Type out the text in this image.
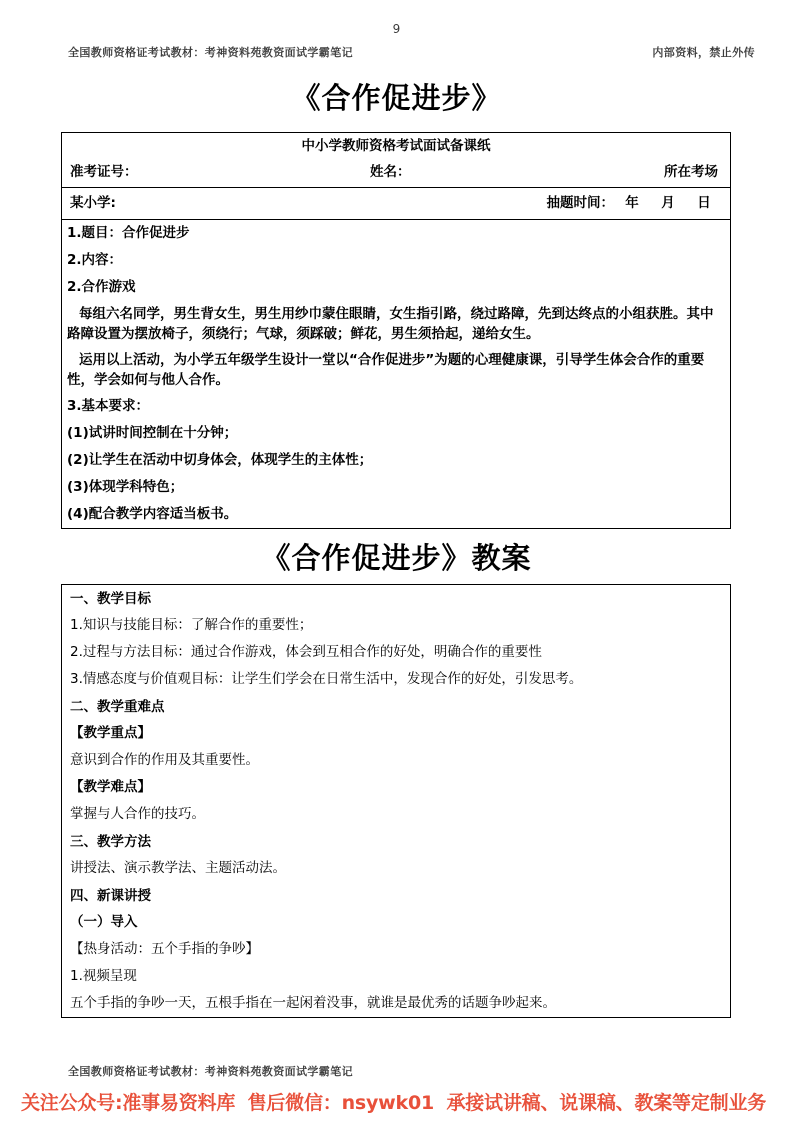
9
全国教师资格证考试教材：考神资料苑教资面试学霸笔记	内部资料，禁止外传
《合作促进步》
中小学教师资格考试面试备课纸
准考证号：	姓名：	所在考场
某小学:	抽题时间： 年 月 日

1.题目：合作促进步

2.内容：

2.合作游戏

每组六名同学，男生背女生，男生用纱巾蒙住眼睛，女生指引路，绕过路障，先到达终点的小组获胜。其中路障设置为摆放椅子，须绕行；气球，须踩破；鲜花，男生须拾起，递给女生。

运用以上活动，为小学五年级学生设计一堂以“合作促进步”为题的心理健康课，引导学生体会合作的重要性，学会如何与他人合作。

3.基本要求：

(1)试讲时间控制在十分钟；

(2)让学生在活动中切身体会，体现学生的主体性；

(3)体现学科特色；

(4)配合教学内容适当板书。

《合作促进步》教案

一、教学目标

1.知识与技能目标：了解合作的重要性；

2.过程与方法目标：通过合作游戏，体会到互相合作的好处，明确合作的重要性

3.情感态度与价值观目标：让学生们学会在日常生活中，发现合作的好处，引发思考。

二、教学重难点

【教学重点】

意识到合作的作用及其重要性。

【教学难点】

掌握与人合作的技巧。

三、教学方法

讲授法、演示教学法、主题活动法。

四、新课讲授

（一）导入

【热身活动：五个手指的争吵】

1.视频呈现

五个手指的争吵一天，五根手指在一起闲着没事，就谁是最优秀的话题争吵起来。

全国教师资格证考试教材：考神资料苑教资面试学霸笔记
关注公众号:准事易资料库 售后微信：nsywk01 承接试讲稿、说课稿、教案等定制业务
